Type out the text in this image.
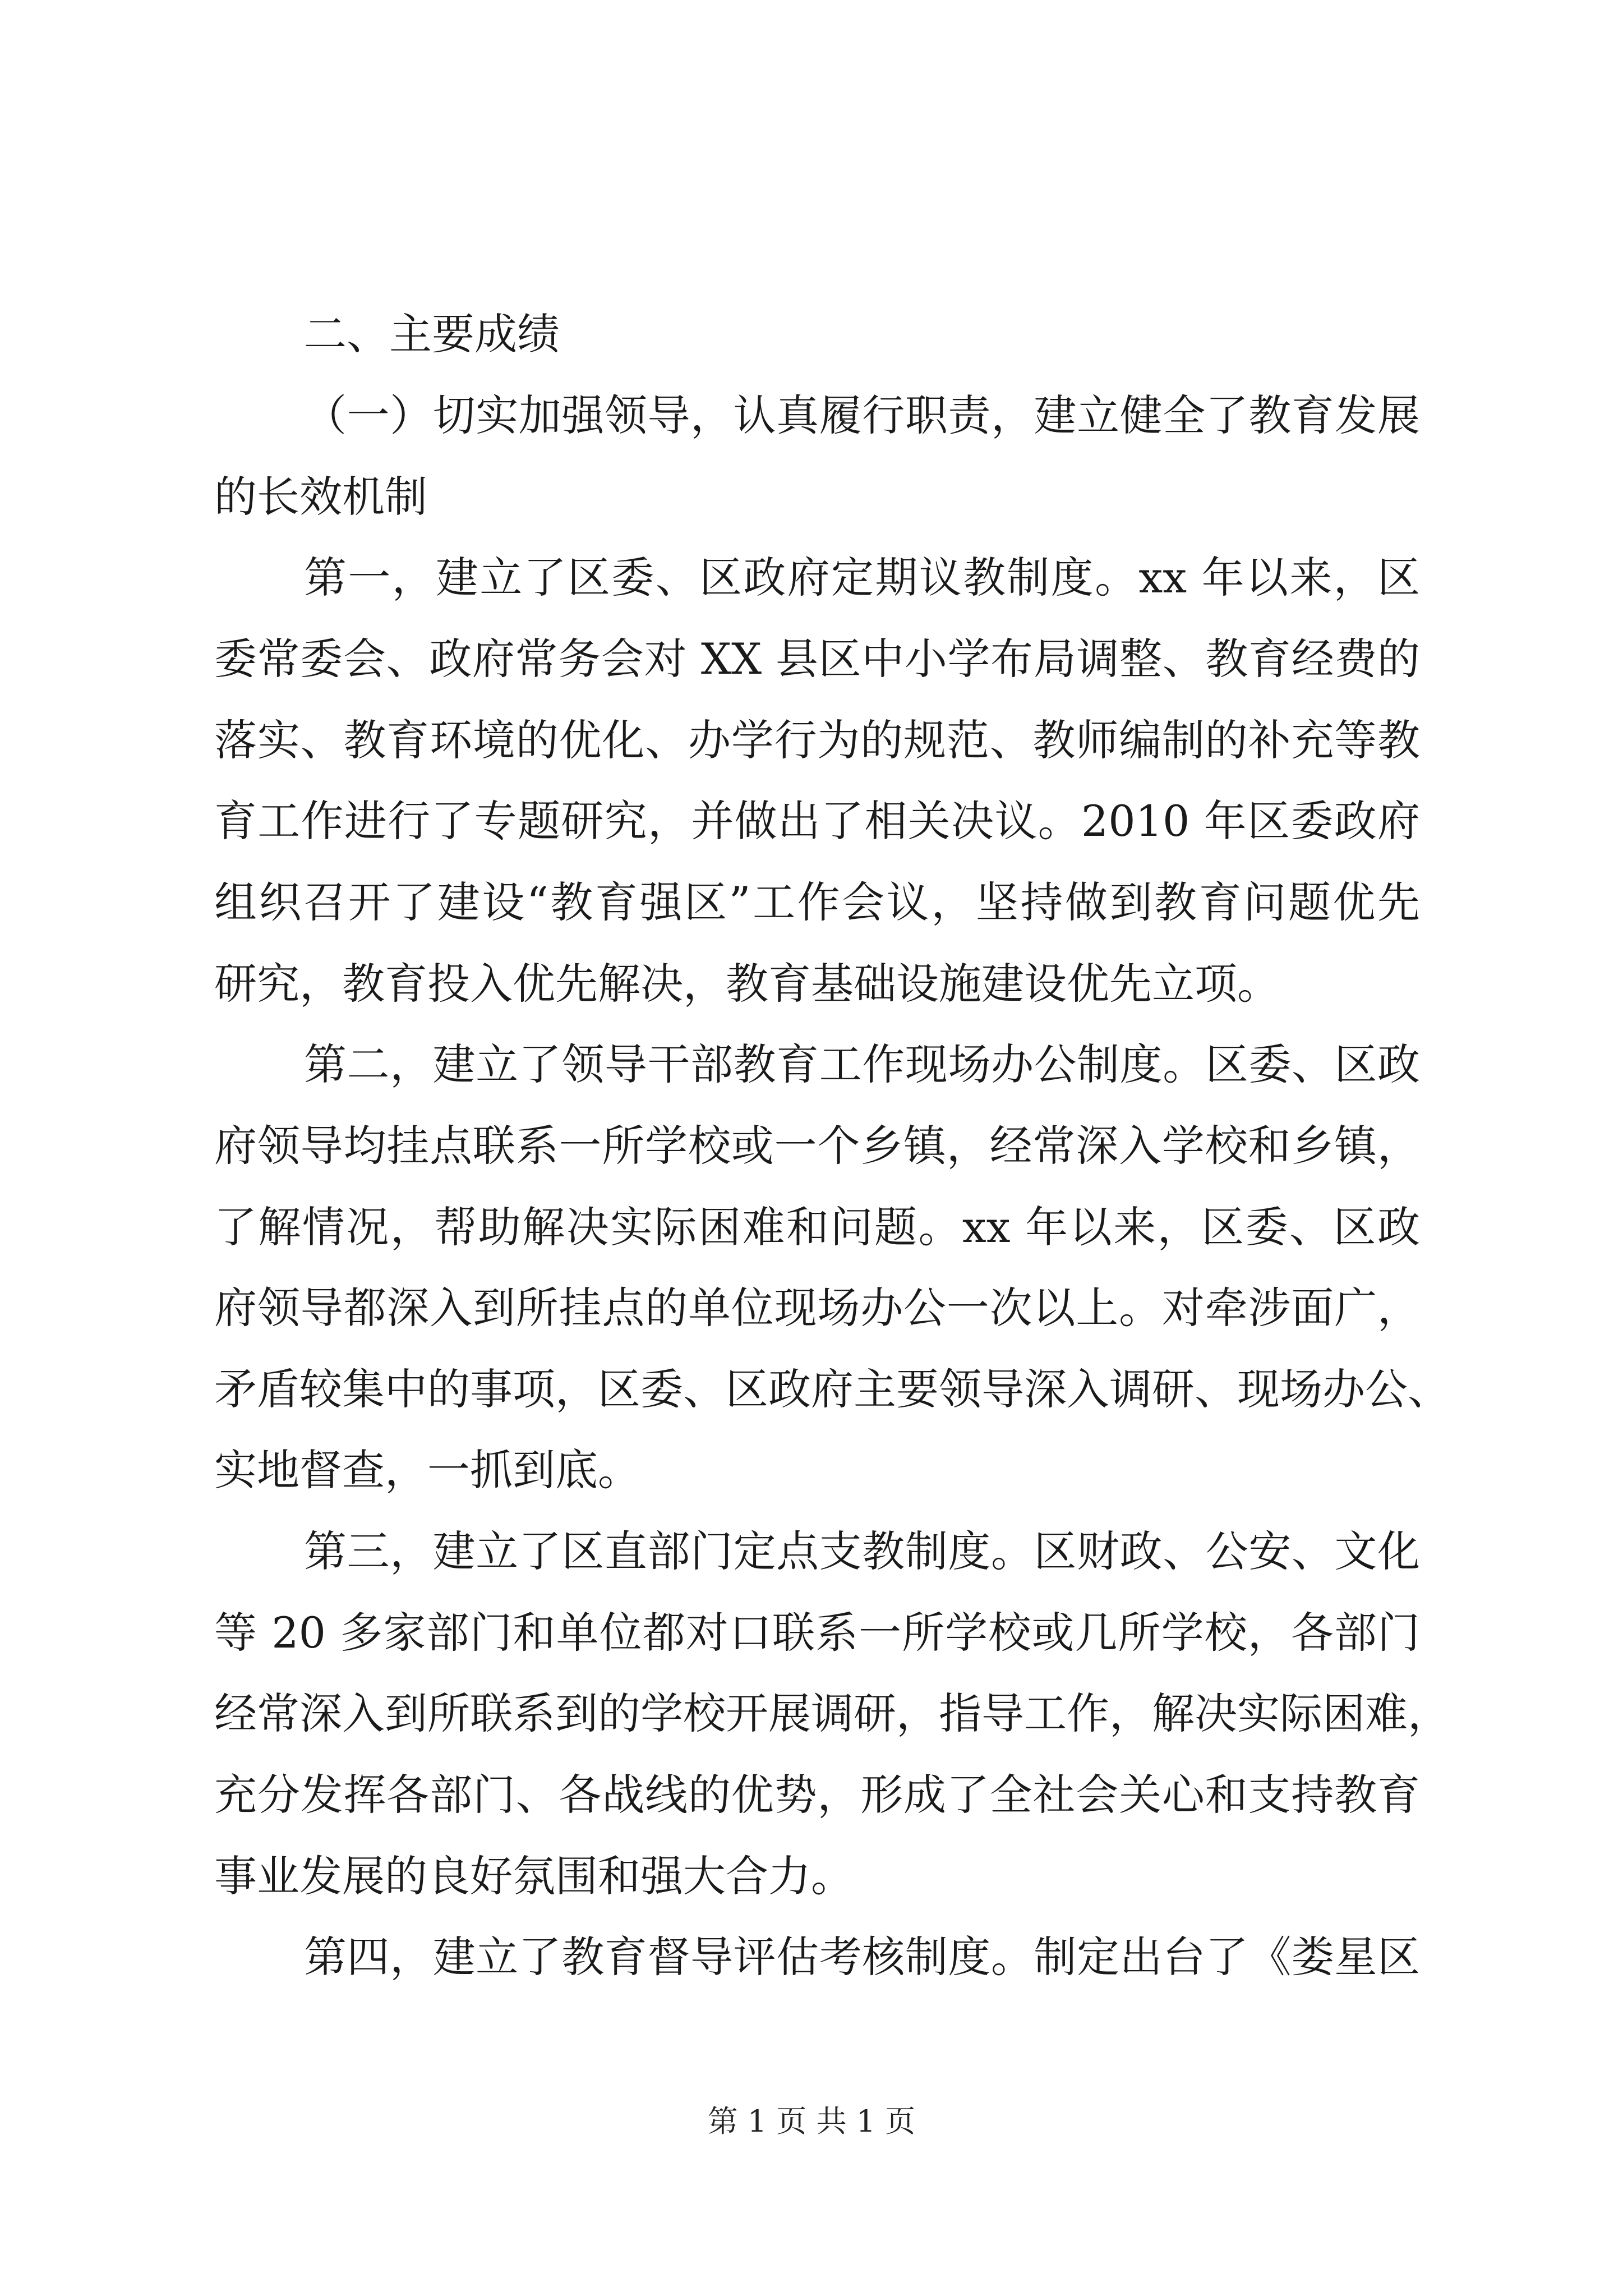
二、主要成绩
（一）切实加强领导，认真履行职责，建立健全了教育发展
的长效机制
第一，建立了区委、区政府定期议教制度。xx 年以来，区
委常委会、政府常务会对 XX 县区中小学布局调整、教育经费的
落实、教育环境的优化、办学行为的规范、教师编制的补充等教
育工作进行了专题研究，并做出了相关决议。2010 年区委政府
组织召开了建设“教育强区”工作会议，坚持做到教育问题优先
研究，教育投入优先解决，教育基础设施建设优先立项。
第二，建立了领导干部教育工作现场办公制度。区委、区政
府领导均挂点联系一所学校或一个乡镇，经常深入学校和乡镇，
了解情况，帮助解决实际困难和问题。xx 年以来，区委、区政
府领导都深入到所挂点的单位现场办公一次以上。对牵涉面广，
矛盾较集中的事项，区委、区政府主要领导深入调研、现场办公、
实地督查，一抓到底。
第三，建立了区直部门定点支教制度。区财政、公安、文化
等 20 多家部门和单位都对口联系一所学校或几所学校，各部门
经常深入到所联系到的学校开展调研，指导工作，解决实际困难，
充分发挥各部门、各战线的优势，形成了全社会关心和支持教育
事业发展的良好氛围和强大合力。
第四，建立了教育督导评估考核制度。制定出台了《娄星区
第 1 页 共 1 页
